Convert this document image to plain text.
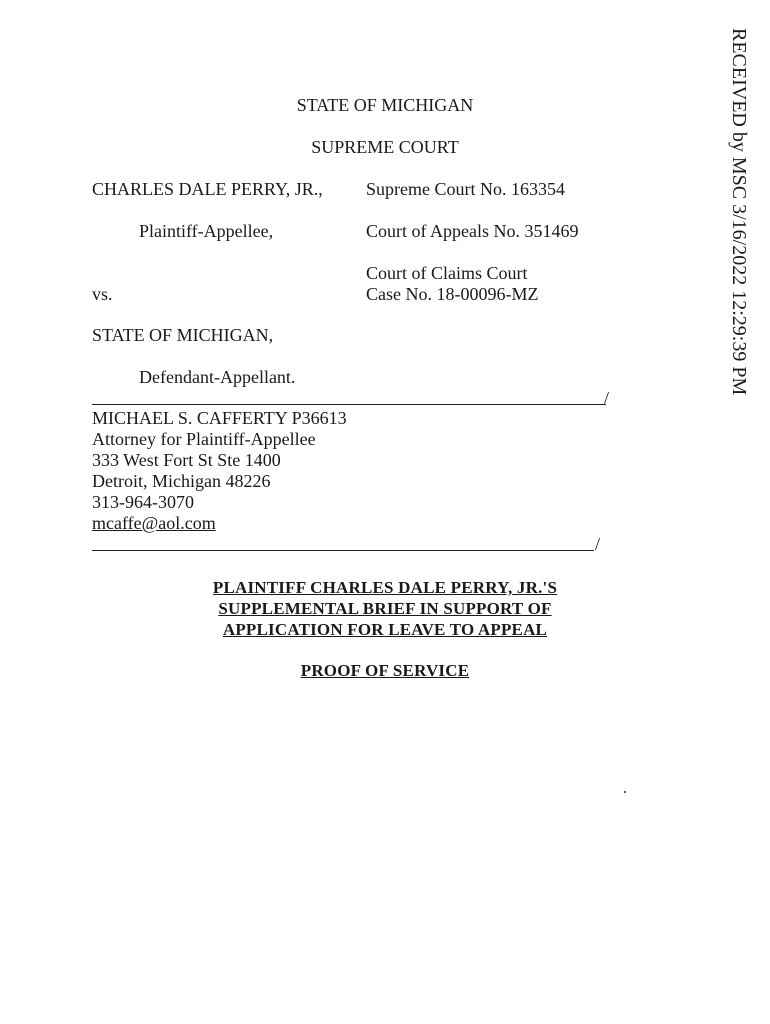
RECEIVED by MSC 3/16/2022 12:29:39 PM
STATE OF MICHIGAN
SUPREME COURT
CHARLES DALE PERRY, JR., Supreme Court No. 163354
Plaintiff-Appellee,	Court of Appeals No. 351469
Court of Claims Court
vs.	Case No. 18-00096-MZ
STATE OF MICHIGAN,
Defendant-Appellant.
/
MICHAEL S. CAFFERTY P36613
Attorney for Plaintiff-Appellee
333 West Fort St Ste 1400
Detroit, Michigan 48226
313-964-3070
mcaffe@aol.com
/
PLAINTIFF CHARLES DALE PERRY, JR.'S
SUPPLEMENTAL BRIEF IN SUPPORT OF
APPLICATION FOR LEAVE TO APPEAL
PROOF OF SERVICE
